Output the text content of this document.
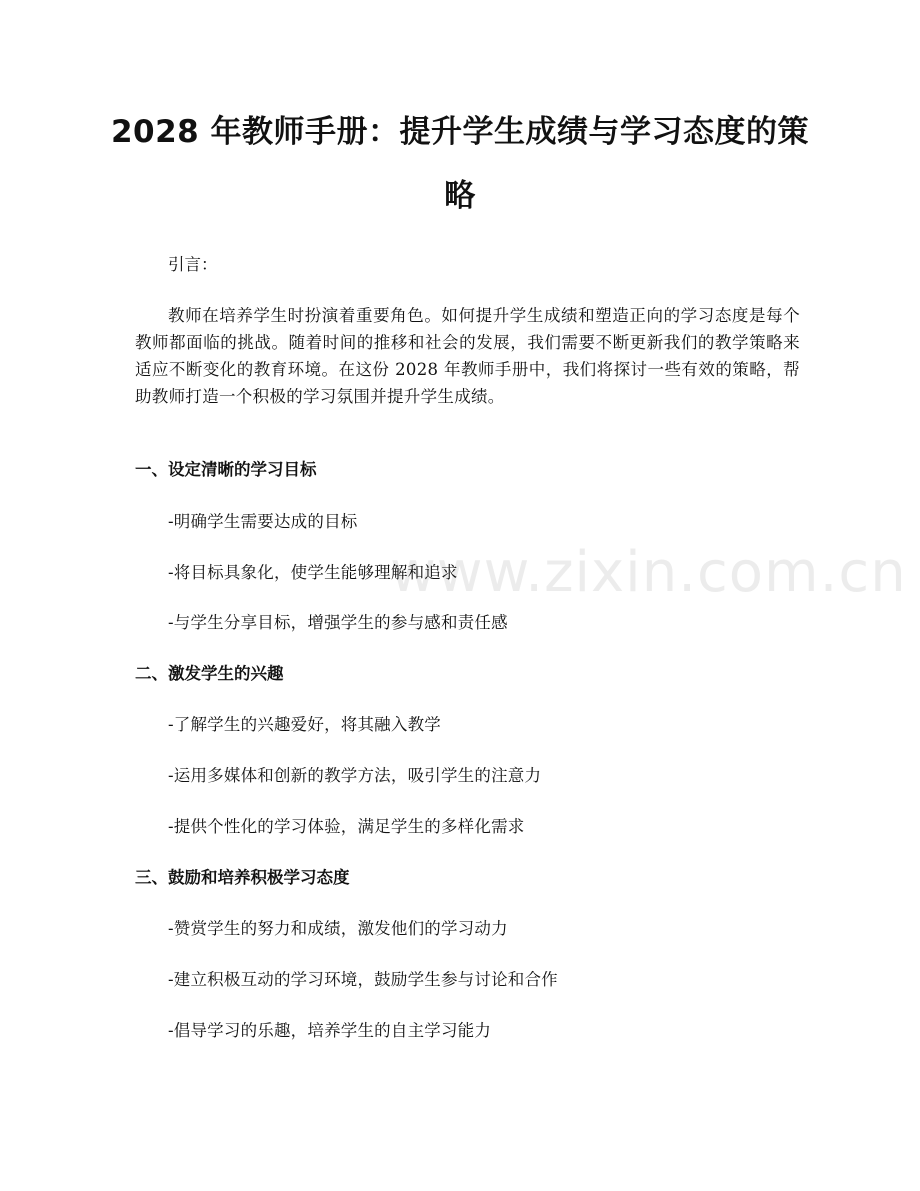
www.zixin.com.cn
2028 年教师手册：提升学生成绩与学习态度的策略
引言：
教师在培养学生时扮演着重要角色。如何提升学生成绩和塑造正向的学习态度是每个教师都面临的挑战。随着时间的推移和社会的发展，我们需要不断更新我们的教学策略来适应不断变化的教育环境。在这份 2028 年教师手册中，我们将探讨一些有效的策略，帮助教师打造一个积极的学习氛围并提升学生成绩。
一、设定清晰的学习目标
-明确学生需要达成的目标
-将目标具象化，使学生能够理解和追求
-与学生分享目标，增强学生的参与感和责任感
二、激发学生的兴趣
-了解学生的兴趣爱好，将其融入教学
-运用多媒体和创新的教学方法，吸引学生的注意力
-提供个性化的学习体验，满足学生的多样化需求
三、鼓励和培养积极学习态度
-赞赏学生的努力和成绩，激发他们的学习动力
-建立积极互动的学习环境，鼓励学生参与讨论和合作
-倡导学习的乐趣，培养学生的自主学习能力
